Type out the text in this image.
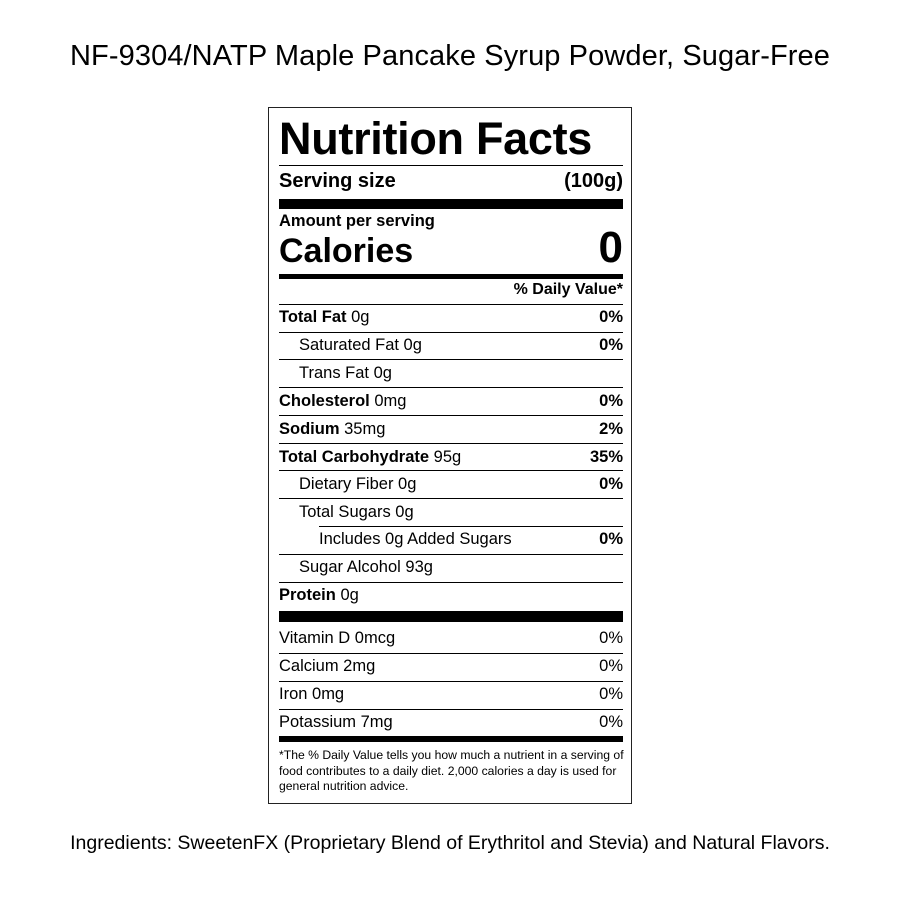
NF-9304/NATP Maple Pancake Syrup Powder, Sugar-Free
Nutrition Facts
Serving size	(100g)
Amount per serving
Calories	0
% Daily Value*
Total Fat 0g	0%
Saturated Fat 0g	0%
Trans Fat 0g
Cholesterol 0mg	0%
Sodium 35mg	2%
Total Carbohydrate 95g	35%
Dietary Fiber 0g	0%
Total Sugars 0g
Includes 0g Added Sugars	0%
Sugar Alcohol 93g
Protein 0g
Vitamin D 0mcg	0%
Calcium 2mg	0%
Iron 0mg	0%
Potassium 7mg	0%
*The % Daily Value tells you how much a nutrient in a serving of food contributes to a daily diet. 2,000 calories a day is used for general nutrition advice.
Ingredients: SweetenFX (Proprietary Blend of Erythritol and Stevia) and Natural Flavors.
